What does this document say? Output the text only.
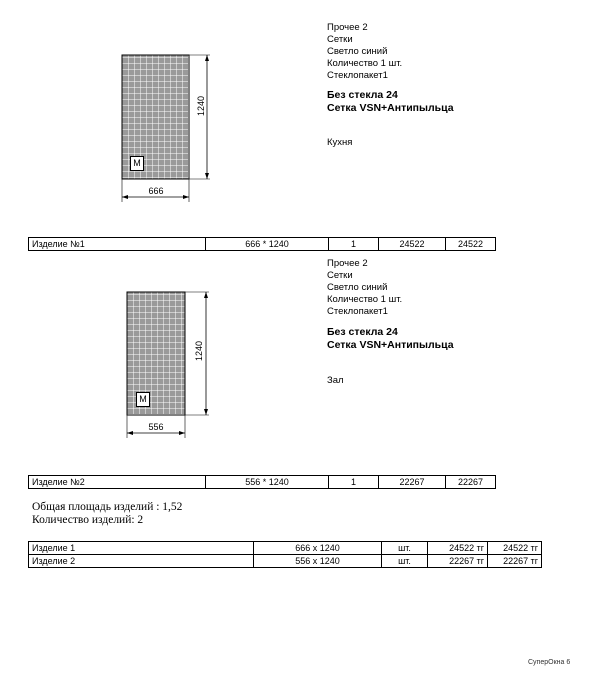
1240
666
M
Прочее 2
Сетки
Светло синий
Количество 1 шт.
Стеклопакет1
Без стекла 24
Сетка VSN+Антипыльца
Кухня
Изделие №1	666 * 1240	1	24522	24522
1240
556
M
Прочее 2
Сетки
Светло синий
Количество 1 шт.
Стеклопакет1
Без стекла 24
Сетка VSN+Антипыльца
Зал
Изделие №2	556 * 1240	1	22267	22267
Общая площадь изделий : 1,52
Количество изделий: 2
Изделие 1	666 x 1240	шт.	24522 тг	24522 тг
Изделие 2	556 x 1240	шт.	22267 тг	22267 тг
СуперОкна 6
